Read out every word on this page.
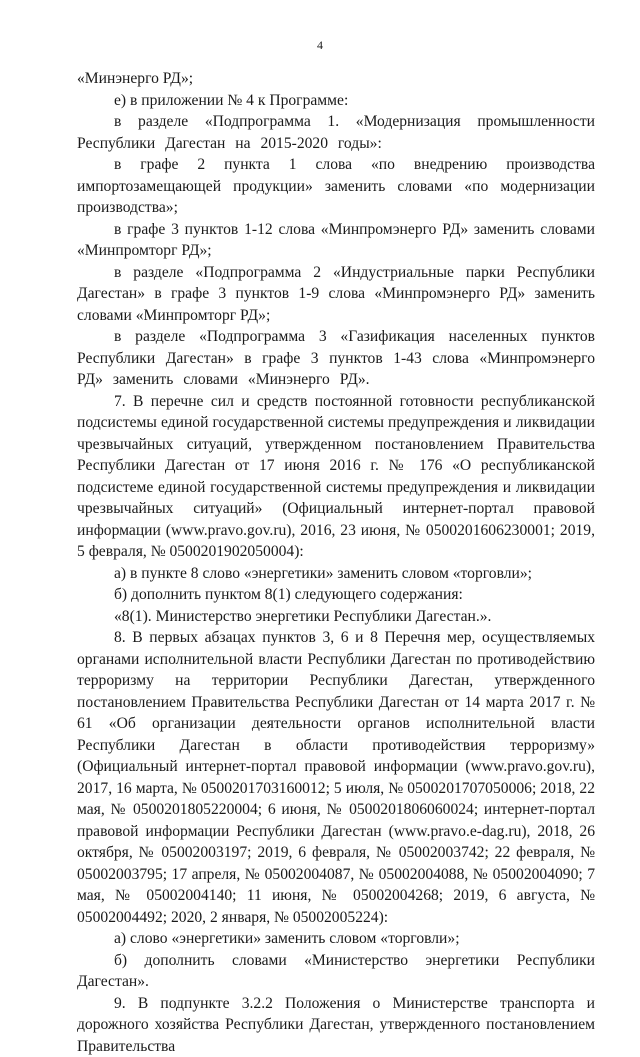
4

«Минэнерго РД»;

е) в приложении № 4 к Программе:

в разделе «Подпрограмма 1. «Модернизация промышленности Республики Дагестан на 2015-2020 годы»:

в графе 2 пункта 1 слова «по внедрению производства импортозамещающей продукции» заменить словами «по модернизации производства»;

в графе 3 пунктов 1-12 слова «Минпромэнерго РД» заменить словами «Минпромторг РД»;

в разделе «Подпрограмма 2 «Индустриальные парки Республики Дагестан» в графе 3 пунктов 1-9 слова «Минпромэнерго РД» заменить словами «Минпромторг РД»;

в разделе «Подпрограмма 3 «Газификация населенных пунктов Республики Дагестан» в графе 3 пунктов 1-43 слова «Минпромэнерго РД» заменить словами «Минэнерго РД».

7. В перечне сил и средств постоянной готовности республиканской подсистемы единой государственной системы предупреждения и ликвидации чрезвычайных ситуаций, утвержденном постановлением Правительства Республики Дагестан от 17 июня 2016 г. № 176 «О республиканской подсистеме единой государственной системы предупреждения и ликвидации чрезвычайных ситуаций» (Официальный интернет-портал правовой информации (www.pravo.gov.ru), 2016, 23 июня, № 0500201606230001; 2019, 5 февраля, № 0500201902050004):

а) в пункте 8 слово «энергетики» заменить словом «торговли»;

б) дополнить пунктом 8(1) следующего содержания:

«8(1). Министерство энергетики Республики Дагестан.».

8. В первых абзацах пунктов 3, 6 и 8 Перечня мер, осуществляемых органами исполнительной власти Республики Дагестан по противодействию терроризму на территории Республики Дагестан, утвержденного постановлением Правительства Республики Дагестан от 14 марта 2017 г. № 61 «Об организации деятельности органов исполнительной власти Республики Дагестан в области противодействия терроризму» (Официальный интернет-портал правовой информации (www.pravo.gov.ru), 2017, 16 марта, № 0500201703160012; 5 июля, № 0500201707050006; 2018, 22 мая, № 0500201805220004; 6 июня, № 0500201806060024; интернет-портал правовой информации Республики Дагестан (www.pravo.e-dag.ru), 2018, 26 октября, № 05002003197; 2019, 6 февраля, № 05002003742; 22 февраля, № 05002003795; 17 апреля, № 05002004087, № 05002004088, № 05002004090; 7 мая, № 05002004140; 11 июня, № 05002004268; 2019, 6 августа, № 05002004492; 2020, 2 января, № 05002005224):

а) слово «энергетики» заменить словом «торговли»;

б) дополнить словами «Министерство энергетики Республики Дагестан».

9. В подпункте 3.2.2 Положения о Министерстве транспорта и дорожного хозяйства Республики Дагестан, утвержденного постановлением Правительства
